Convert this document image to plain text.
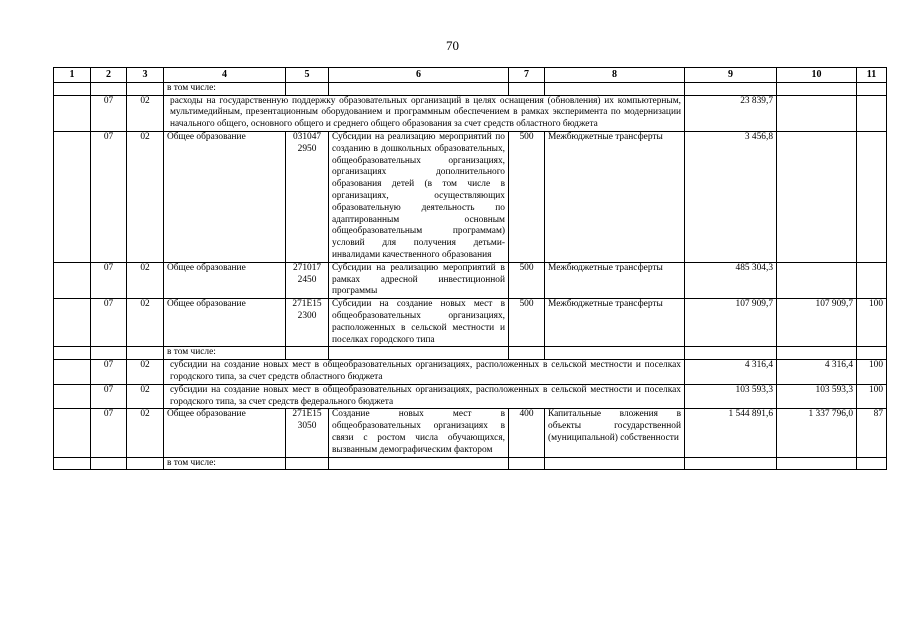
70
1	2	3	4	5	6	7	8	9	10	11
			в том числе:							
	07	02	расходы на государственную поддержку образовательных организаций в целях оснащения (обновления) их компьютерным, мультимедийным, презентационным оборудованием и программным обеспечением в рамках эксперимента по модернизации начального общего, основного общего и среднего общего образования за счет средств областного бюджета					23 839,7		
	07	02	Общее образование	031047 2950	Субсидии на реализацию мероприятий по созданию в дошкольных образовательных, общеобразовательных организациях, организациях дополнительного образования детей (в том числе в организациях, осуществляющих образовательную деятельность по адаптированным основным общеобразовательным программам) условий для получения детьми-инвалидами качественного образования	500	Межбюджетные трансферты	3 456,8		
	07	02	Общее образование	271017 2450	Субсидии на реализацию мероприятий в рамках адресной инвестиционной программы	500	Межбюджетные трансферты	485 304,3		
	07	02	Общее образование	271E15 2300	Субсидии на создание новых мест в общеобразовательных организациях, расположенных в сельской местности и поселках городского типа	500	Межбюджетные трансферты	107 909,7	107 909,7	100
			в том числе:							
	07	02	субсидии на создание новых мест в общеобразовательных организациях, расположенных в сельской местности и поселках городского типа, за счет средств областного бюджета					4 316,4	4 316,4	100
	07	02	субсидии на создание новых мест в общеобразовательных организациях, расположенных в сельской местности и поселках городского типа, за счет средств федерального бюджета					103 593,3	103 593,3	100
	07	02	Общее образование	271E15 3050	Создание новых мест в общеобразовательных организациях в связи с ростом числа обучающихся, вызванным демографическим фактором	400	Капитальные вложения в объекты государственной (муниципальной) собственности	1 544 891,6	1 337 796,0	87
			в том числе:							
